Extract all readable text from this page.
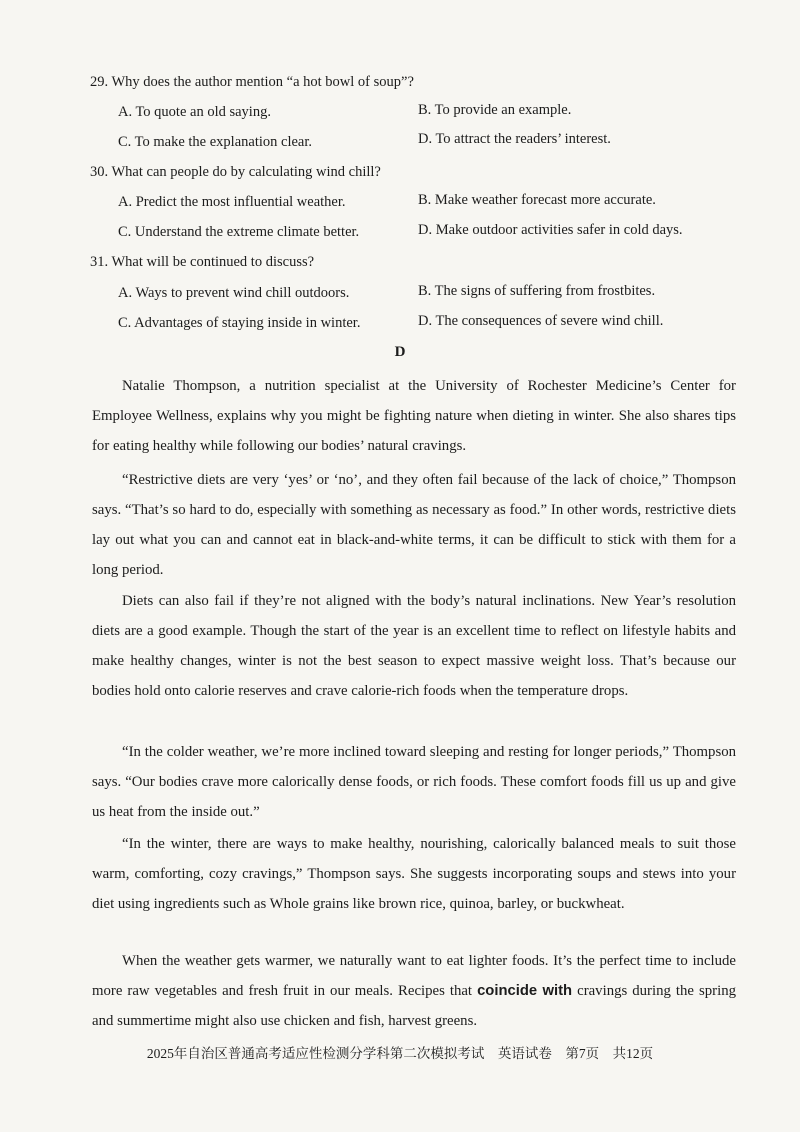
29. Why does the author mention “a hot bowl of soup”?
A. To quote an old saying.	B. To provide an example.
C. To make the explanation clear.	D. To attract the readers’ interest.
30. What can people do by calculating wind chill?
A. Predict the most influential weather.	B. Make weather forecast more accurate.
C. Understand the extreme climate better.	D. Make outdoor activities safer in cold days.
31. What will be continued to discuss?
A. Ways to prevent wind chill outdoors.	B. The signs of suffering from frostbites.
C. Advantages of staying inside in winter.	D. The consequences of severe wind chill.
D

Natalie Thompson, a nutrition specialist at the University of Rochester Medicine’s Center for Employee Wellness, explains why you might be fighting nature when dieting in winter. She also shares tips for eating healthy while following our bodies’ natural cravings.

“Restrictive diets are very ‘yes’ or ‘no’, and they often fail because of the lack of choice,” Thompson says. “That’s so hard to do, especially with something as necessary as food.” In other words, restrictive diets lay out what you can and cannot eat in black-and-white terms, it can be difficult to stick with them for a long period.

Diets can also fail if they’re not aligned with the body’s natural inclinations. New Year’s resolution diets are a good example. Though the start of the year is an excellent time to reflect on lifestyle habits and make healthy changes, winter is not the best season to expect massive weight loss. That’s because our bodies hold onto calorie reserves and crave calorie-rich foods when the temperature drops.

“In the colder weather, we’re more inclined toward sleeping and resting for longer periods,” Thompson says. “Our bodies crave more calorically dense foods, or rich foods. These comfort foods fill us up and give us heat from the inside out.”

“In the winter, there are ways to make healthy, nourishing, calorically balanced meals to suit those warm, comforting, cozy cravings,” Thompson says. She suggests incorporating soups and stews into your diet using ingredients such as Whole grains like brown rice, quinoa, barley, or buckwheat.

When the weather gets warmer, we naturally want to eat lighter foods. It’s the perfect time to include more raw vegetables and fresh fruit in our meals. Recipes that coincide with cravings during the spring and summertime might also use chicken and fish, harvest greens.

2025年自治区普通高考适应性检测分学科第二次模拟考试　英语试卷　第7页　共12页
